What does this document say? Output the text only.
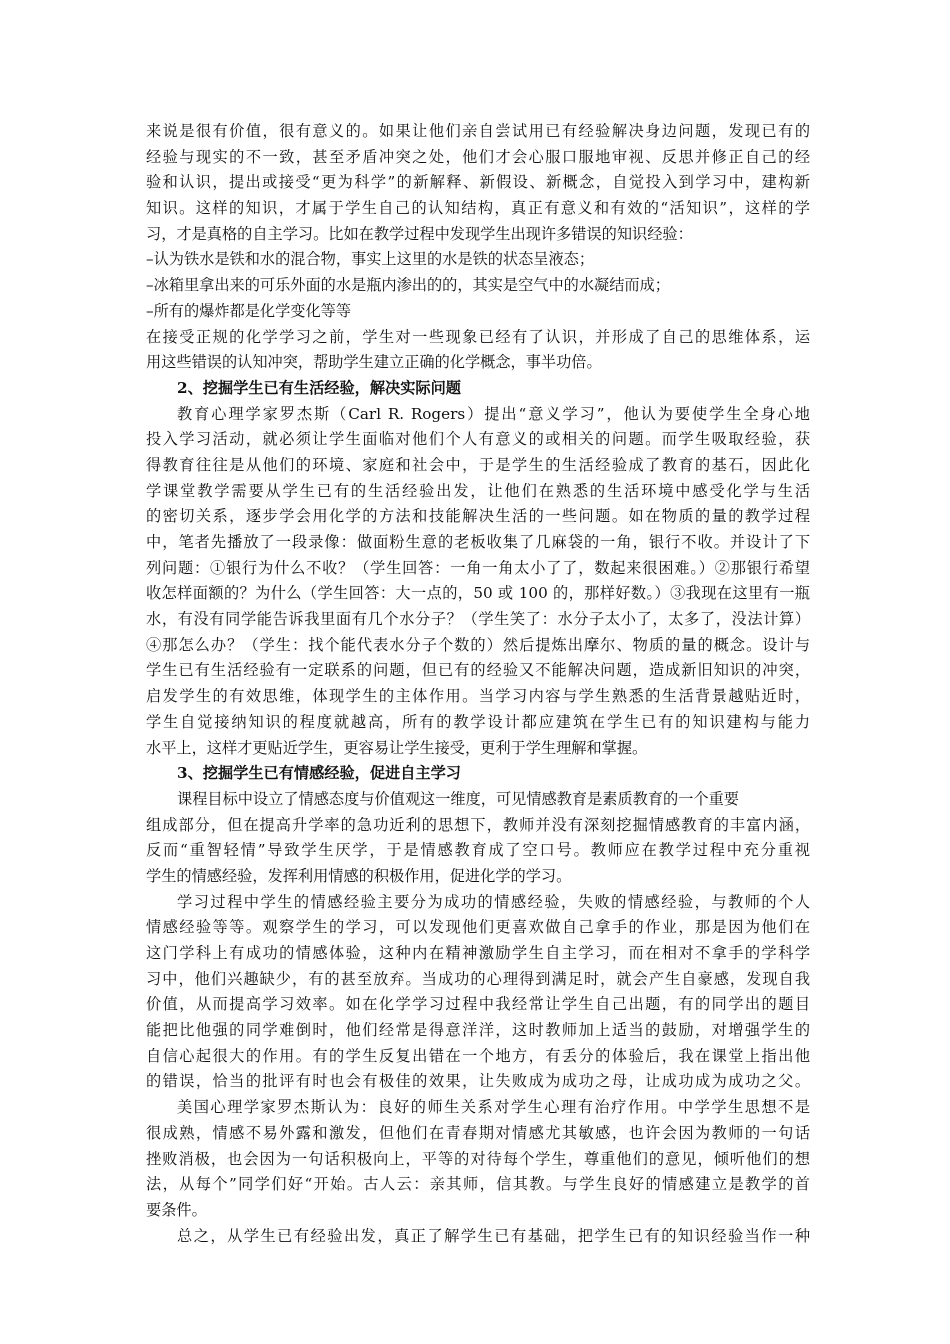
来说是很有价值，很有意义的。如果让他们亲自尝试用已有经验解决身边问题，发现已有的
经验与现实的不一致，甚至矛盾冲突之处，他们才会心服口服地审视、反思并修正自己的经
验和认识，提出或接受“更为科学”的新解释、新假设、新概念，自觉投入到学习中，建构新
知识。这样的知识，才属于学生自己的认知结构，真正有意义和有效的“活知识”，这样的学
习，才是真格的自主学习。比如在教学过程中发现学生出现许多错误的知识经验：
–认为铁水是铁和水的混合物，事实上这里的水是铁的状态呈液态；
–冰箱里拿出来的可乐外面的水是瓶内渗出的的，其实是空气中的水凝结而成；
–所有的爆炸都是化学变化等等
在接受正规的化学学习之前，学生对一些现象已经有了认识，并形成了自己的思维体系，运
用这些错误的认知冲突，帮助学生建立正确的化学概念，事半功倍。
2、挖掘学生已有生活经验，解决实际问题
教育心理学家罗杰斯（Carl R. Rogers）提出“意义学习”，他认为要使学生全身心地
投入学习活动，就必须让学生面临对他们个人有意义的或相关的问题。而学生吸取经验，获
得教育往往是从他们的环境、家庭和社会中，于是学生的生活经验成了教育的基石，因此化
学课堂教学需要从学生已有的生活经验出发，让他们在熟悉的生活环境中感受化学与生活
的密切关系，逐步学会用化学的方法和技能解决生活的一些问题。如在物质的量的教学过程
中，笔者先播放了一段录像：做面粉生意的老板收集了几麻袋的一角，银行不收。并设计了下
列问题：①银行为什么不收？（学生回答：一角一角太小了了，数起来很困难。）②那银行希望
收怎样面额的？为什么（学生回答：大一点的，50 或 100 的，那样好数。）③我现在这里有一瓶
水，有没有同学能告诉我里面有几个水分子？（学生笑了：水分子太小了，太多了，没法计算）
④那怎么办？（学生：找个能代表水分子个数的）然后提炼出摩尔、物质的量的概念。设计与
学生已有生活经验有一定联系的问题，但已有的经验又不能解决问题，造成新旧知识的冲突，
启发学生的有效思维，体现学生的主体作用。当学习内容与学生熟悉的生活背景越贴近时，
学生自觉接纳知识的程度就越高，所有的教学设计都应建筑在学生已有的知识建构与能力
水平上，这样才更贴近学生，更容易让学生接受，更利于学生理解和掌握。
3、挖掘学生已有情感经验，促进自主学习
课程目标中设立了情感态度与价值观这一维度，可见情感教育是素质教育的一个重要
组成部分，但在提高升学率的急功近利的思想下，教师并没有深刻挖掘情感教育的丰富内涵，
反而“重智轻情”导致学生厌学，于是情感教育成了空口号。教师应在教学过程中充分重视
学生的情感经验，发挥利用情感的积极作用，促进化学的学习。
学习过程中学生的情感经验主要分为成功的情感经验，失败的情感经验，与教师的个人
情感经验等等。观察学生的学习，可以发现他们更喜欢做自己拿手的作业，那是因为他们在
这门学科上有成功的情感体验，这种内在精神激励学生自主学习，而在相对不拿手的学科学
习中，他们兴趣缺少，有的甚至放弃。当成功的心理得到满足时，就会产生自豪感，发现自我
价值，从而提高学习效率。如在化学学习过程中我经常让学生自己出题，有的同学出的题目
能把比他强的同学难倒时，他们经常是得意洋洋，这时教师加上适当的鼓励，对增强学生的
自信心起很大的作用。有的学生反复出错在一个地方，有丢分的体验后，我在课堂上指出他
的错误，恰当的批评有时也会有极佳的效果，让失败成为成功之母，让成功成为成功之父。
美国心理学家罗杰斯认为：良好的师生关系对学生心理有治疗作用。中学学生思想不是
很成熟，情感不易外露和激发，但他们在青春期对情感尤其敏感，也许会因为教师的一句话
挫败消极，也会因为一句话积极向上，平等的对待每个学生，尊重他们的意见，倾听他们的想
法，从每个”同学们好“开始。古人云：亲其师，信其教。与学生良好的情感建立是教学的首
要条件。
总之，从学生已有经验出发，真正了解学生已有基础，把学生已有的知识经验当作一种
